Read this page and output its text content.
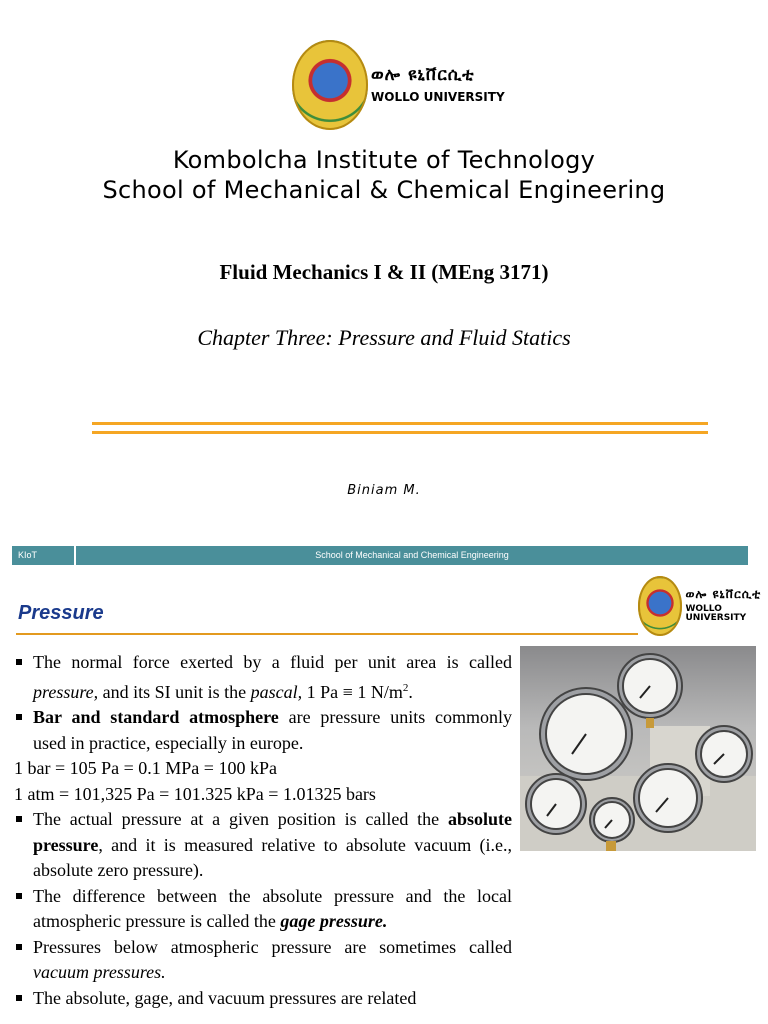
ወሎ ዩኒቨርሲቲ
WOLLO UNIVERSITY
Kombolcha Institute of Technology
School of Mechanical & Chemical Engineering
Fluid Mechanics I & II (MEng 3171)
Chapter Three: Pressure and Fluid Statics
Biniam M.
KIoT	School of Mechanical and Chemical Engineering
ወሎ ዩኒቨርሲቲ
WOLLO UNIVERSITY
Pressure

The normal force exerted by a fluid per unit area is called pressure, and its SI unit is the pascal, 1 Pa ≡ 1 $N/m^2$.

Bar and standard atmosphere are pressure units commonly used in practice, especially in europe.

1 bar = 105 Pa = 0.1 MPa = 100 kPa

1 atm = 101,325 Pa = 101.325 kPa = 1.01325 bars

The actual pressure at a given position is called the absolute pressure, and it is measured relative to absolute vacuum (i.e., absolute zero pressure).

The difference between the absolute pressure and the local atmospheric pressure is called the gage pressure.

Pressures below atmospheric pressure are sometimes called vacuum pressures.

The absolute, gage, and vacuum pressures are related
